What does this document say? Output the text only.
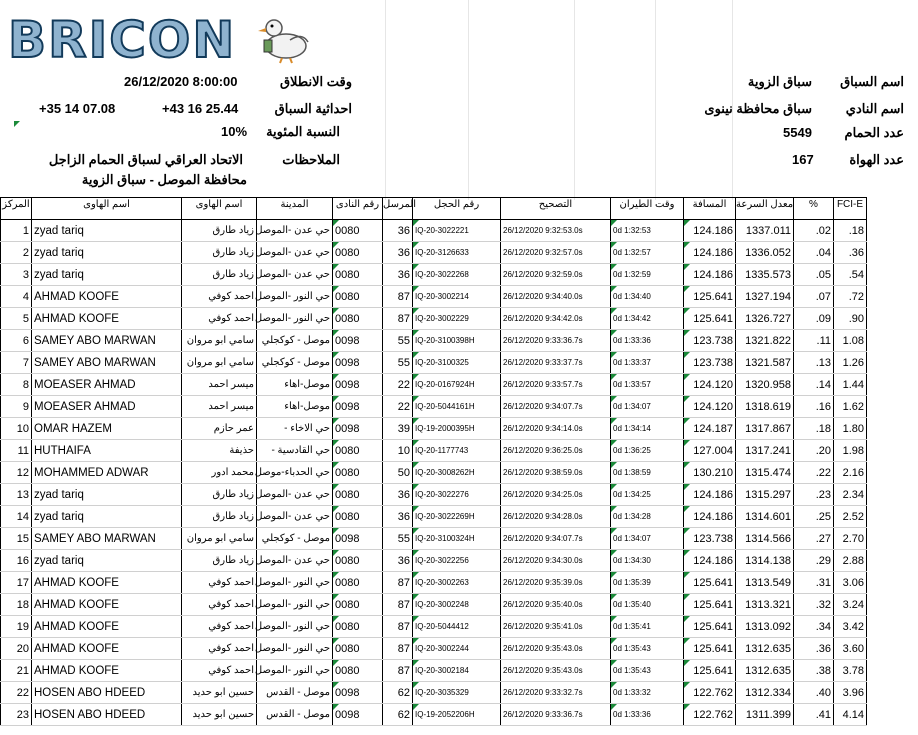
BRICON
اسم السباق
سباق الزوية
اسم النادي
سباق محافظة نينوى
عدد الحمام
5549
عدد الهواة
167
وقت الانطلاق
26/12/2020 8:00:00
احداثية السباق
+43 16 25.44
+35 14 07.08
النسبة المئوية
10%
الملاحظات
الاتحاد العراقي لسباق الحمام الزاجل
محافظة الموصل - سباق الزوية
المركز	اسم الهاوى	اسم الهاوى	المدينة	رقم النادى	المرسل	رقم الحجل	التصحيح	وقت الطيران	المسافة	معدل السرعة	%	FCI-E
1	zyad tariq	زياد طارق	حي عدن -الموصل	0080	36	IQ-20-3022221	26/12/2020 9:32:53.0s	0d 1:32:53	124.186	1337.011	.02	.18
2	zyad tariq	زياد طارق	حي عدن -الموصل	0080	36	IQ-20-3126633	26/12/2020 9:32:57.0s	0d 1:32:57	124.186	1336.052	.04	.36
3	zyad tariq	زياد طارق	حي عدن -الموصل	0080	36	IQ-20-3022268	26/12/2020 9:32:59.0s	0d 1:32:59	124.186	1335.573	.05	.54
4	AHMAD KOOFE	احمد كوفي	حي النور -الموصل	0080	87	IQ-20-3002214	26/12/2020 9:34:40.0s	0d 1:34:40	125.641	1327.194	.07	.72
5	AHMAD KOOFE	احمد كوفي	حي النور -الموصل	0080	87	IQ-20-3002229	26/12/2020 9:34:42.0s	0d 1:34:42	125.641	1326.727	.09	.90
6	SAMEY ABO MARWAN	سامي ابو مروان	موصل - كوكجلي	0098	55	IQ-20-3100398H	26/12/2020 9:33:36.7s	0d 1:33:36	123.738	1321.822	.11	1.08
7	SAMEY ABO MARWAN	سامي ابو مروان	موصل - كوكجلي	0098	55	IQ-20-3100325	26/12/2020 9:33:37.7s	0d 1:33:37	123.738	1321.587	.13	1.26
8	MOEASER AHMAD	ميسر احمد	موصل-اهاء	0098	22	IQ-20-0167924H	26/12/2020 9:33:57.7s	0d 1:33:57	124.120	1320.958	.14	1.44
9	MOEASER AHMAD	ميسر احمد	موصل-اهاء	0098	22	IQ-20-5044161H	26/12/2020 9:34:07.7s	0d 1:34:07	124.120	1318.619	.16	1.62
10	OMAR HAZEM	عمر حازم	حي الاخاء -	0098	39	IQ-19-2000395H	26/12/2020 9:34:14.0s	0d 1:34:14	124.187	1317.867	.18	1.80
11	HUTHAIFA	حذيفة	حي القادسية -	0080	10	IQ-20-1177743	26/12/2020 9:36:25.0s	0d 1:36:25	127.004	1317.241	.20	1.98
12	MOHAMMED ADWAR	محمد ادور	حي الحدباء-موصل	0080	50	IQ-20-3008262H	26/12/2020 9:38:59.0s	0d 1:38:59	130.210	1315.474	.22	2.16
13	zyad tariq	زياد طارق	حي عدن -الموصل	0080	36	IQ-20-3022276	26/12/2020 9:34:25.0s	0d 1:34:25	124.186	1315.297	.23	2.34
14	zyad tariq	زياد طارق	حي عدن -الموصل	0080	36	IQ-20-3022269H	26/12/2020 9:34:28.0s	0d 1:34:28	124.186	1314.601	.25	2.52
15	SAMEY ABO MARWAN	سامي ابو مروان	موصل - كوكجلي	0098	55	IQ-20-3100324H	26/12/2020 9:34:07.7s	0d 1:34:07	123.738	1314.566	.27	2.70
16	zyad tariq	زياد طارق	حي عدن -الموصل	0080	36	IQ-20-3022256	26/12/2020 9:34:30.0s	0d 1:34:30	124.186	1314.138	.29	2.88
17	AHMAD KOOFE	احمد كوفي	حي النور -الموصل	0080	87	IQ-20-3002263	26/12/2020 9:35:39.0s	0d 1:35:39	125.641	1313.549	.31	3.06
18	AHMAD KOOFE	احمد كوفي	حي النور -الموصل	0080	87	IQ-20-3002248	26/12/2020 9:35:40.0s	0d 1:35:40	125.641	1313.321	.32	3.24
19	AHMAD KOOFE	احمد كوفي	حي النور -الموصل	0080	87	IQ-20-5044412	26/12/2020 9:35:41.0s	0d 1:35:41	125.641	1313.092	.34	3.42
20	AHMAD KOOFE	احمد كوفي	حي النور -الموصل	0080	87	IQ-20-3002244	26/12/2020 9:35:43.0s	0d 1:35:43	125.641	1312.635	.36	3.60
21	AHMAD KOOFE	احمد كوفي	حي النور -الموصل	0080	87	IQ-20-3002184	26/12/2020 9:35:43.0s	0d 1:35:43	125.641	1312.635	.38	3.78
22	HOSEN ABO HDEED	حسين ابو حديد	موصل - القدس	0098	62	IQ-20-3035329	26/12/2020 9:33:32.7s	0d 1:33:32	122.762	1312.334	.40	3.96
23	HOSEN ABO HDEED	حسين ابو حديد	موصل - القدس	0098	62	IQ-19-2052206H	26/12/2020 9:33:36.7s	0d 1:33:36	122.762	1311.399	.41	4.14
